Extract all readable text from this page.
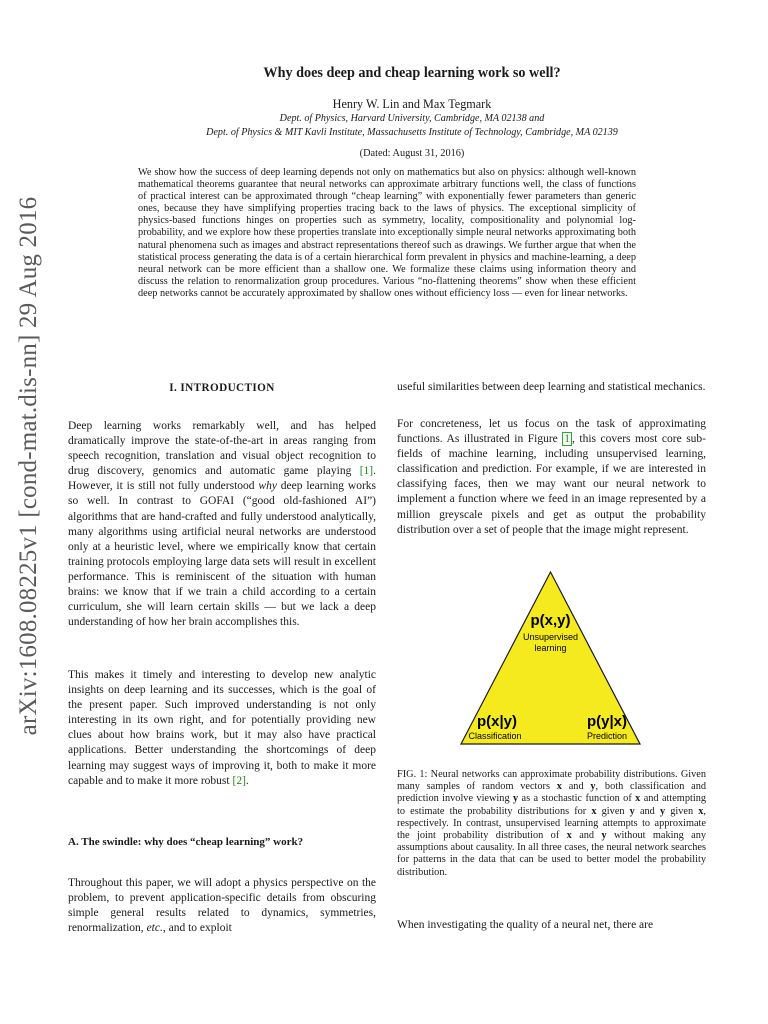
arXiv:1608.08225v1 [cond-mat.dis-nn] 29 Aug 2016
Why does deep and cheap learning work so well?
Henry W. Lin and Max Tegmark
Dept. of Physics, Harvard University, Cambridge, MA 02138 and
Dept. of Physics & MIT Kavli Institute, Massachusetts Institute of Technology, Cambridge, MA 02139
(Dated: August 31, 2016)

We show how the success of deep learning depends not only on mathematics but also on physics: although well-known mathematical theorems guarantee that neural networks can approximate arbitrary functions well, the class of functions of practical interest can be approximated through “cheap learning” with exponentially fewer parameters than generic ones, because they have simplifying properties tracing back to the laws of physics. The exceptional simplicity of physics-based functions hinges on properties such as symmetry, locality, compositionality and polynomial log-probability, and we explore how these properties translate into exceptionally simple neural networks approximating both natural phenomena such as images and abstract representations thereof such as drawings. We further argue that when the statistical process generating the data is of a certain hierarchical form prevalent in physics and machine-learning, a deep neural network can be more efficient than a shallow one. We formalize these claims using information theory and discuss the relation to renormalization group procedures. Various “no-flattening theorems” show when these efficient deep networks cannot be accurately approximated by shallow ones without efficiency loss — even for linear networks.

I. INTRODUCTION

Deep learning works remarkably well, and has helped dramatically improve the state-of-the-art in areas ranging from speech recognition, translation and visual object recognition to drug discovery, genomics and automatic game playing [ 1 ] . However, it is still not fully understood why deep learning works so well. In contrast to GOFAI (“good old-fashioned AI”) algorithms that are hand-crafted and fully understood analytically, many algorithms using artificial neural networks are understood only at a heuristic level, where we empirically know that certain training protocols employing large data sets will result in excellent performance. This is reminiscent of the situation with human brains: we know that if we train a child according to a certain curriculum, she will learn certain skills — but we lack a deep understanding of how her brain accomplishes this.

This makes it timely and interesting to develop new analytic insights on deep learning and its successes, which is the goal of the present paper. Such improved understanding is not only interesting in its own right, and for potentially providing new clues about how brains work, but it may also have practical applications. Better understanding the shortcomings of deep learning may suggest ways of improving it, both to make it more capable and to make it more robust [ 2 ] .

A. The swindle: why does “cheap learning” work?

Throughout this paper, we will adopt a physics perspective on the problem, to prevent application-specific details from obscuring simple general results related to dynamics, symmetries, renormalization, etc., and to exploit

useful similarities between deep learning and statistical mechanics.

For concreteness, let us focus on the task of approximating functions. As illustrated in Figure 1 , this covers most core sub-fields of machine learning, including unsupervised learning, classification and prediction. For example, if we are interested in classifying faces, then we may want our neural network to implement a function where we feed in an image represented by a million greyscale pixels and get as output the probability distribution over a set of people that the image might represent.

p(x,y)
Unsupervised
learning
p(x|y)
Classification
p(y|x)
Prediction

FIG. 1: Neural networks can approximate probability distributions. Given many samples of random vectors x and y, both classification and prediction involve viewing y as a stochastic function of x and attempting to estimate the probability distributions for x given y and y given x, respectively. In contrast, unsupervised learning attempts to approximate the joint probability distribution of x and y without making any assumptions about causality. In all three cases, the neural network searches for patterns in the data that can be used to better model the probability distribution.

When investigating the quality of a neural net, there are
